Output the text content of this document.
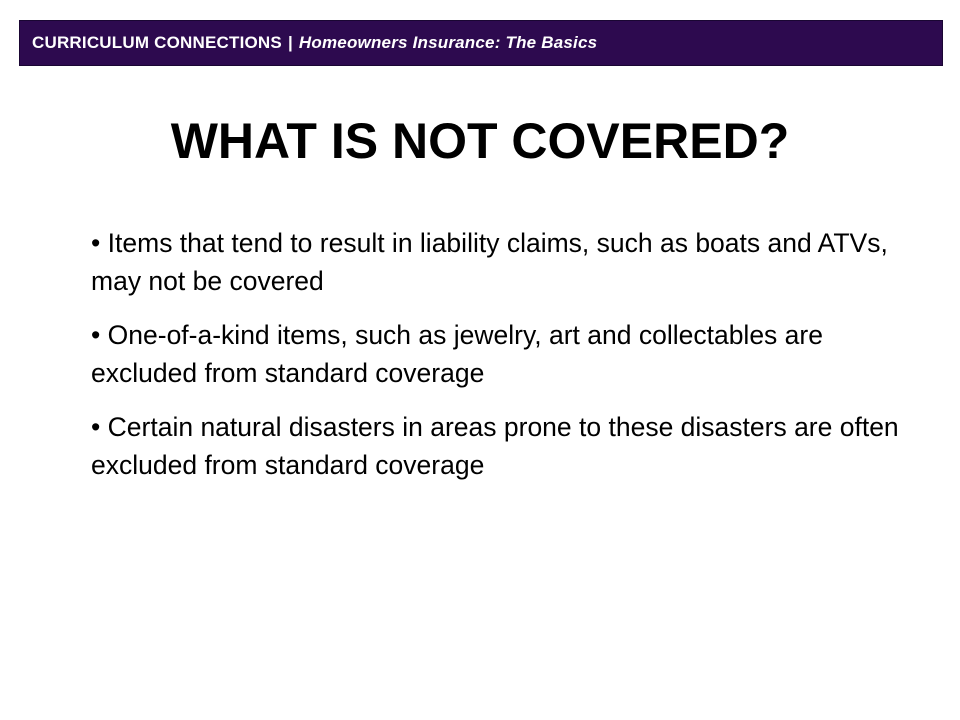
CURRICULUM CONNECTIONS | Homeowners Insurance: The Basics
WHAT IS NOT COVERED?
• Items that tend to result in liability claims, such as boats and ATVs, may not be covered
• One-of-a-kind items, such as jewelry, art and collectables are excluded from standard coverage
• Certain natural disasters in areas prone to these disasters are often excluded from standard coverage
